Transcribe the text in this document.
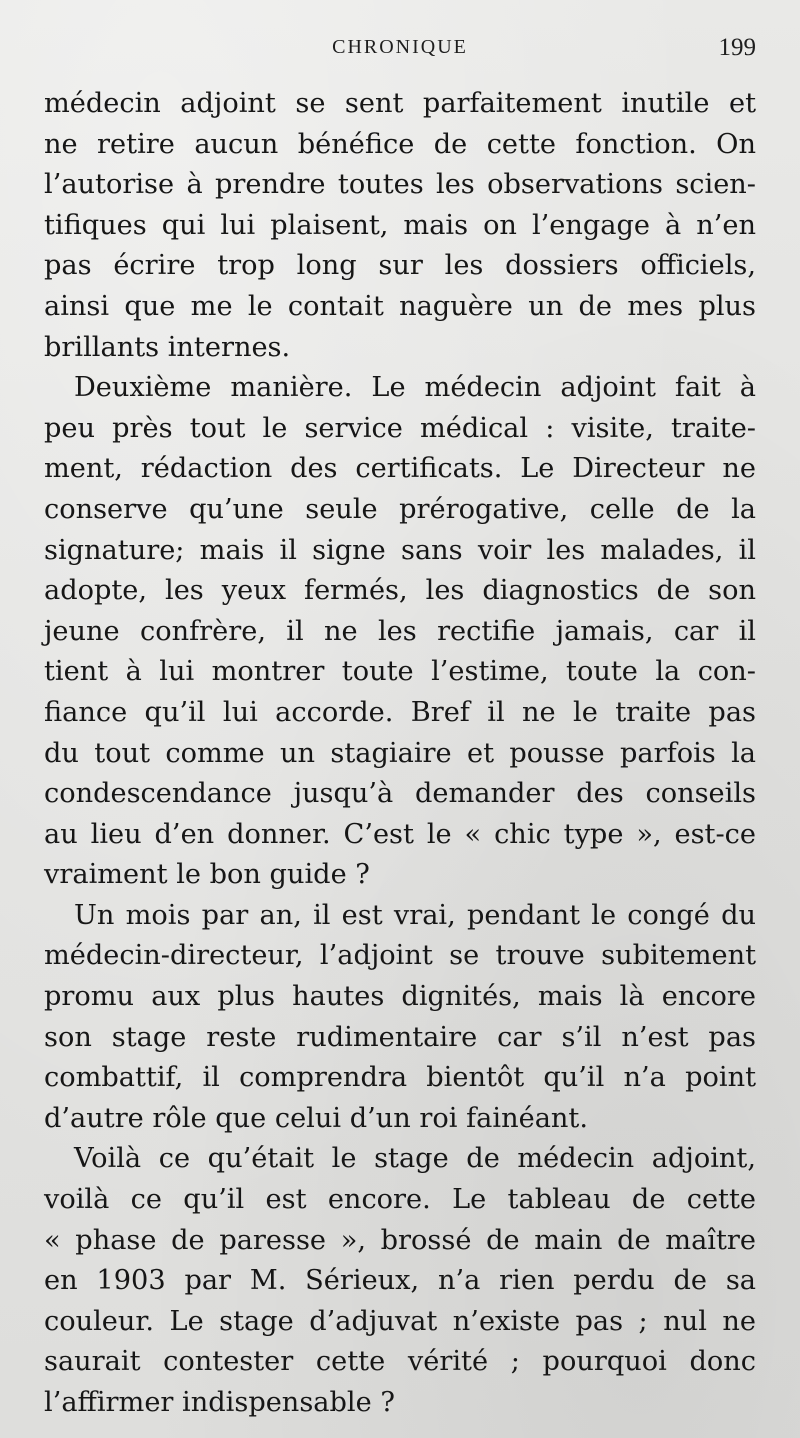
CHRONIQUE	199
médecin adjoint se sent parfaitement inutile et
ne retire aucun bénéfice de cette fonction. On
l’autorise à prendre toutes les observations scien-
tifiques qui lui plaisent, mais on l’engage à n’en
pas écrire trop long sur les dossiers officiels,
ainsi que me le contait naguère un de mes plus
brillants internes.
Deuxième manière. Le médecin adjoint fait à
peu près tout le service médical : visite, traite-
ment, rédaction des certificats. Le Directeur ne
conserve qu’une seule prérogative, celle de la
signature; mais il signe sans voir les malades, il
adopte, les yeux fermés, les diagnostics de son
jeune confrère, il ne les rectifie jamais, car il
tient à lui montrer toute l’estime, toute la con-
fiance qu’il lui accorde. Bref il ne le traite pas
du tout comme un stagiaire et pousse parfois la
condescendance jusqu’à demander des conseils
au lieu d’en donner. C’est le « chic type », est-ce
vraiment le bon guide ?
Un mois par an, il est vrai, pendant le congé du
médecin-directeur, l’adjoint se trouve subitement
promu aux plus hautes dignités, mais là encore
son stage reste rudimentaire car s’il n’est pas
combattif, il comprendra bientôt qu’il n’a point
d’autre rôle que celui d’un roi fainéant.
Voilà ce qu’était le stage de médecin adjoint,
voilà ce qu’il est encore. Le tableau de cette
« phase de paresse », brossé de main de maître
en 1903 par M. Sérieux, n’a rien perdu de sa
couleur. Le stage d’adjuvat n’existe pas ; nul ne
saurait contester cette vérité ; pourquoi donc
l’affirmer indispensable ?
